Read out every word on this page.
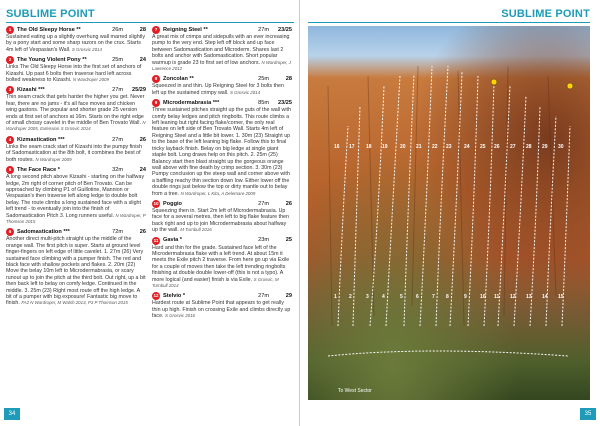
SUBLIME POINT
1	The Old Sleepy Horse **	26m	28

Sustained eating up a slightly overhung wall marred slightly by a pony start and some sharp razors on the crux. Starts 4m left of Vespasian's Wall. S Grosvic 2014

2	The Young Violent Pony **	25m	24

Links The Old Sleepy Horse into the first set of anchors of Kizashi. Up past 6 bolts then traverse hard left across bolted weakness to Kizashi. N Wardroper 2009

3	Kizashi ***	27m	25/29

Thin seam crack that gets harder the higher you get. Never fear, there are no jams - it's all face moves and chicken wing gastons. The popular and shorter grade 25 version ends at first set of anchors at 16m. Starts on the right edge of small chossy cavelet in the middle of Ben Trovato Wall. N Wardroper 2005, Extension S Grosvic 2014

4	Kizmastication ***	27m	26

Links the seam crack start of Kizashi into the pumpy finish of Sadomastication at the 8th bolt, it combines the best of both routes. N Wardroper 2009

5	The Face Race *	32m	24

A long second pitch above Kizashi - starting on the halfway ledge, 2m right of corner pitch of Ben Trovato. Can be approached by climbing P1 of Guillotine, Mannion or Vespasian's then traverse left along ledge to double bolt belay. The route climbs a long sustained face with a slight left trend - to eventually join into the finish of Sadomastication Pitch 3. Long runners useful. N Wardroper, P Thomson 2015

6	Sadomastication ***	72m	26

Another direct multi-pitch straight up the middle of the orange wall. The first pitch is super. Starts at ground level finger-fingers on left edge of little cavelet. 1. 27m (26) Very sustained face climbing with a pumper finish. The red and black face with shallow pockets and flakes. 2. 20m (22) Move the belay 10m left to Microdermabrasia, or scary runout up to join the pitch at the third bolt. Out right, up a bit then back left to belay on comfy ledge. Continued in the middle. 3. 25m (23) Right most route off the high ledge. A bit of a pumper with big exposure! Fantastic big move to finish. FA2 N Wardroper, M Walsh 2013, P3 P Thomson 2015

7	Reigning Steel **	27m	23/25

A great mix of crimps and sidepulls with an ever increasing pump to the very end. Step left off block and up face between Sadomastication and Microderm. Shares last 2 bolts and anchor with Sadomastication. Short popular warmup is grade 23 to first set of low anchors. N Wardroper, J Lawrence 2012

8	Zoncolan **	25m	28

Squeezed in and thin. Up Reigning Steel for 3 bolts then left up the sustained crimpy wall. S Grosvic 2014

9	Microdermabrasia ***	85m	23/25

Three sustained pitches straight up the guts of the wall with comfy belay ledges and pitch ringbolts. This route climbs a left leaning but right facing flake/corner, the only real feature on left side of Ben Trovato Wall. Starts 4m left of Reigning Steel and a little bit lower. 1. 30m (23) Straight up to the base of the left leaning big flake. Follow this to final tricky layback finish. Belay on big ledge at single giant staple bolt. Long draws help on this pitch. 2. 25m (25) Balancy start then blast straight up the gorgeous orange wall above with fine death by crimp section. 3. 30m (23) Pumpy conclusion up the steep wall and corner above with a baffling reachy thin section down low. Either lower off the double rings just below the top or dirty mantle out to belay from a tree. N Wardroper, L Kita, A Delemare 2009

10 Poggio	27m	26

Squeezing then in. Start 2m left of Microdermabrasia. Up face for a several metres, then left to big flake feature then back right and up to join Microdermabrasia about halfway up the wall. M Turnbull 2016

11 Gavia *	23m	25

Hard and thin for the grade. Sustained face left of the Microdermabrasia flake with a left trend. At about 15m it meets the Exile pitch 2 traverse. From here go up via Exile for a couple of moves then take the left trending ringbolts finishing at double double lower-off (this is not a typo). A more logical (and easier) finish is via Exile. S Grosvic, M Turnbull 2014

12 Stelvio *	27m	29

Hardest route at Sublime Point that appears to get really thin up high. Finish on crossing Exile and climbs directly up face. S Grosvic 2016

34
SUBLIME POINT
1 2	3	4	5	6	7 8	9	10 11 12 13 14 15
16 17 18 19 20 21 22 23 24 25 26 27 28 29 30
To West Sector
35
